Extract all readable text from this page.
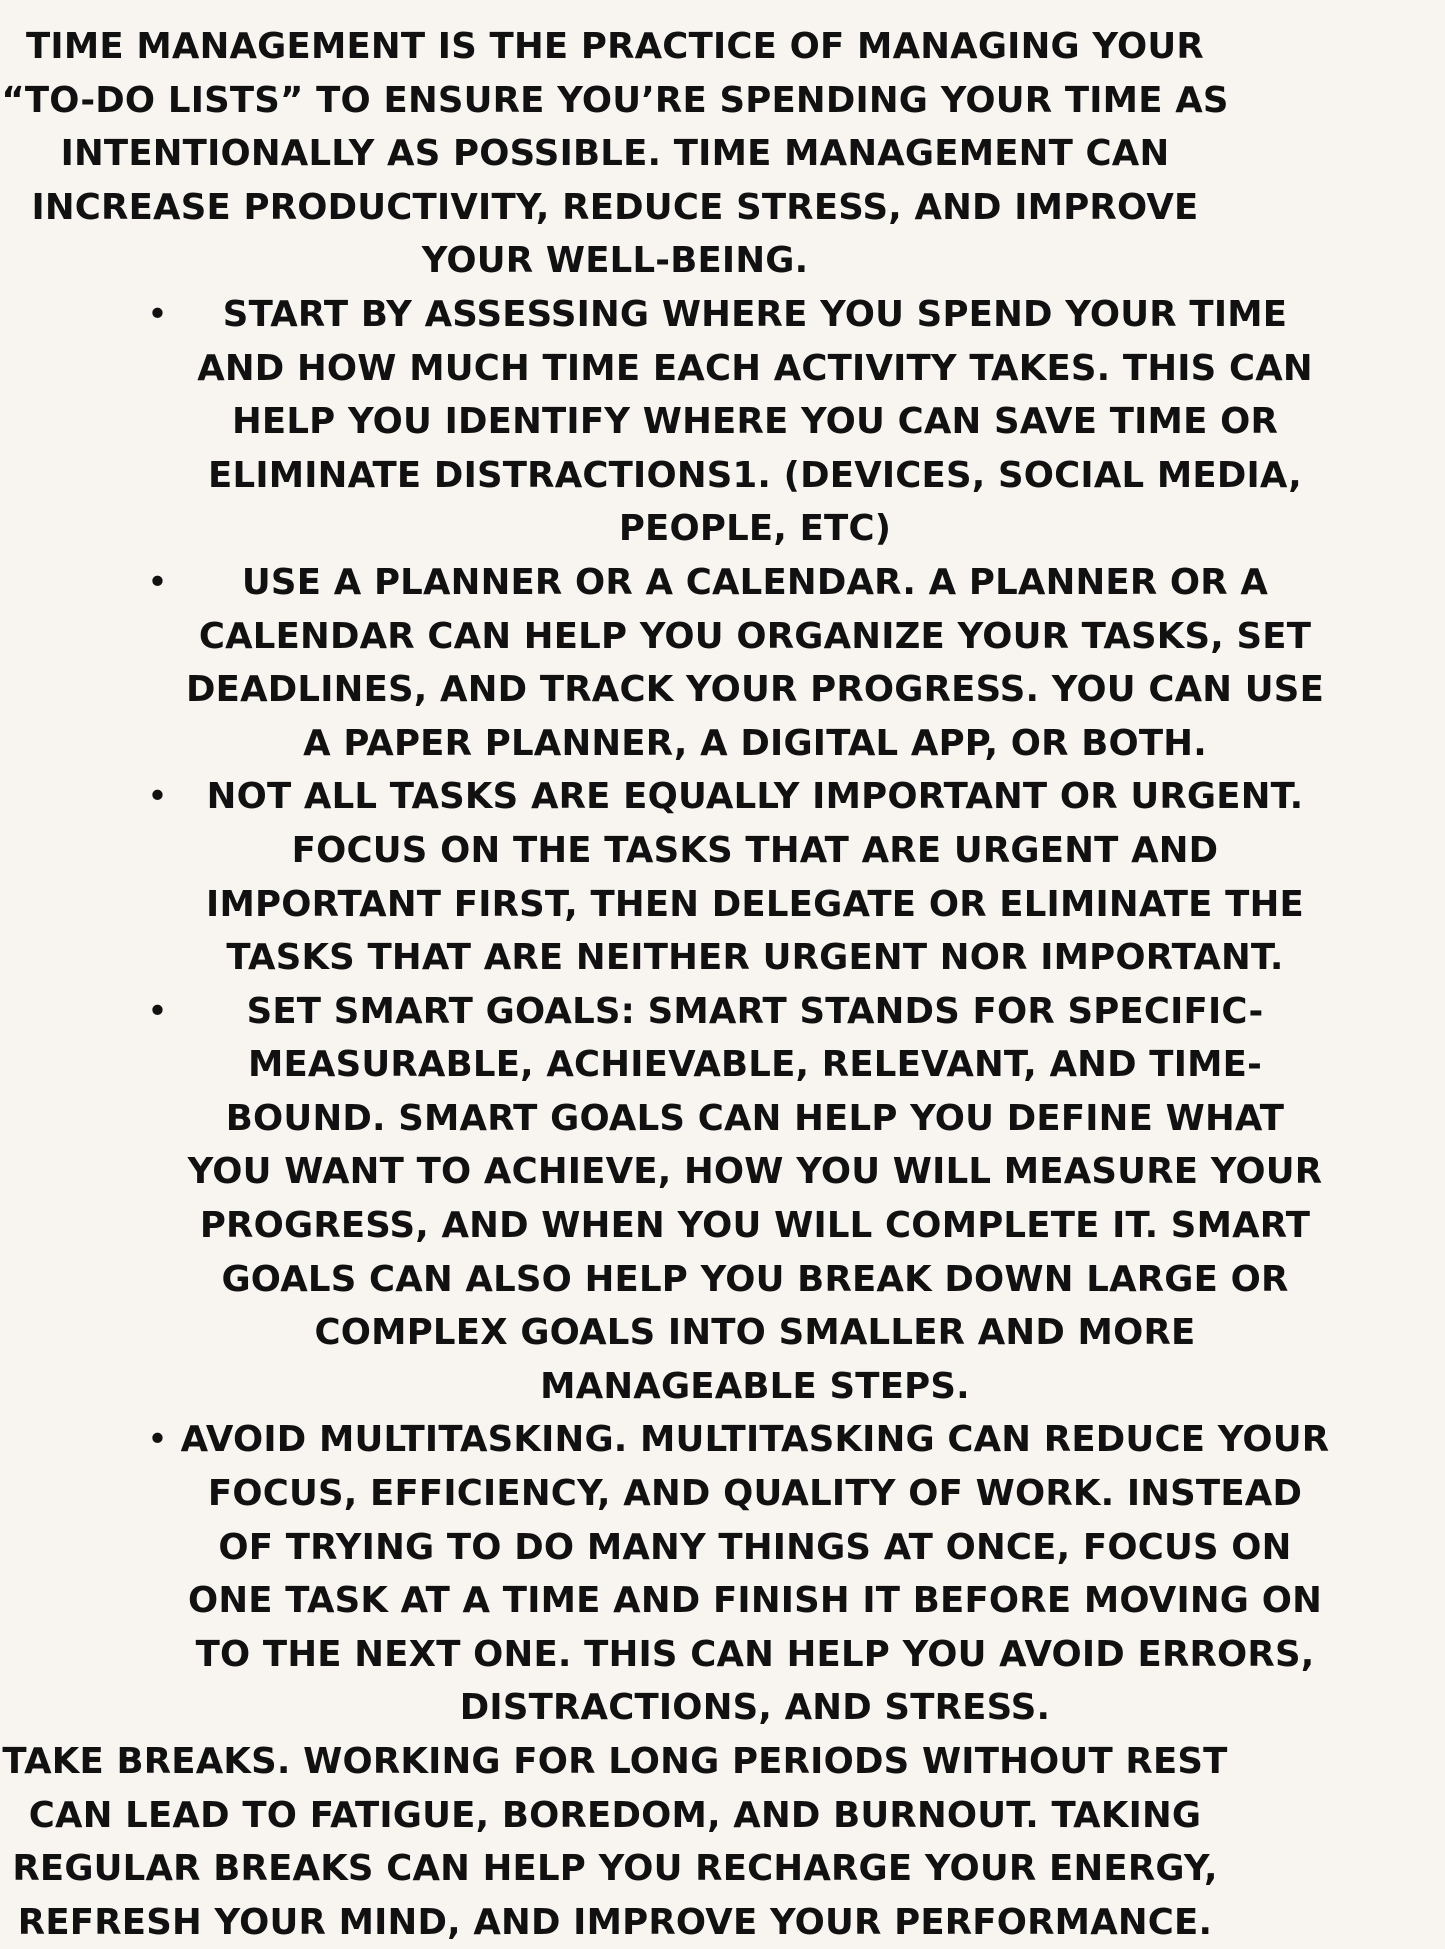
TIME MANAGEMENT IS THE PRACTICE OF MANAGING YOUR “TO-DO LISTS” TO ENSURE YOU’RE SPENDING YOUR TIME AS INTENTIONALLY AS POSSIBLE. TIME MANAGEMENT CAN INCREASE PRODUCTIVITY, REDUCE STRESS, AND IMPROVE YOUR WELL-BEING.

• START BY ASSESSING WHERE YOU SPEND YOUR TIME AND HOW MUCH TIME EACH ACTIVITY TAKES. THIS CAN HELP YOU IDENTIFY WHERE YOU CAN SAVE TIME OR ELIMINATE DISTRACTIONS1. (DEVICES, SOCIAL MEDIA, PEOPLE, ETC)
• USE A PLANNER OR A CALENDAR. A PLANNER OR A CALENDAR CAN HELP YOU ORGANIZE YOUR TASKS, SET DEADLINES, AND TRACK YOUR PROGRESS. YOU CAN USE A PAPER PLANNER, A DIGITAL APP, OR BOTH.
• NOT ALL TASKS ARE EQUALLY IMPORTANT OR URGENT. FOCUS ON THE TASKS THAT ARE URGENT AND IMPORTANT FIRST, THEN DELEGATE OR ELIMINATE THE TASKS THAT ARE NEITHER URGENT NOR IMPORTANT.
• SET SMART GOALS: SMART STANDS FOR SPECIFIC-MEASURABLE, ACHIEVABLE, RELEVANT, AND TIME-BOUND. SMART GOALS CAN HELP YOU DEFINE WHAT YOU WANT TO ACHIEVE, HOW YOU WILL MEASURE YOUR PROGRESS, AND WHEN YOU WILL COMPLETE IT. SMART GOALS CAN ALSO HELP YOU BREAK DOWN LARGE OR COMPLEX GOALS INTO SMALLER AND MORE MANAGEABLE STEPS.
• AVOID MULTITASKING. MULTITASKING CAN REDUCE YOUR FOCUS, EFFICIENCY, AND QUALITY OF WORK. INSTEAD OF TRYING TO DO MANY THINGS AT ONCE, FOCUS ON ONE TASK AT A TIME AND FINISH IT BEFORE MOVING ON TO THE NEXT ONE. THIS CAN HELP YOU AVOID ERRORS, DISTRACTIONS, AND STRESS.

TAKE BREAKS. WORKING FOR LONG PERIODS WITHOUT REST CAN LEAD TO FATIGUE, BOREDOM, AND BURNOUT. TAKING REGULAR BREAKS CAN HELP YOU RECHARGE YOUR ENERGY, REFRESH YOUR MIND, AND IMPROVE YOUR PERFORMANCE.
